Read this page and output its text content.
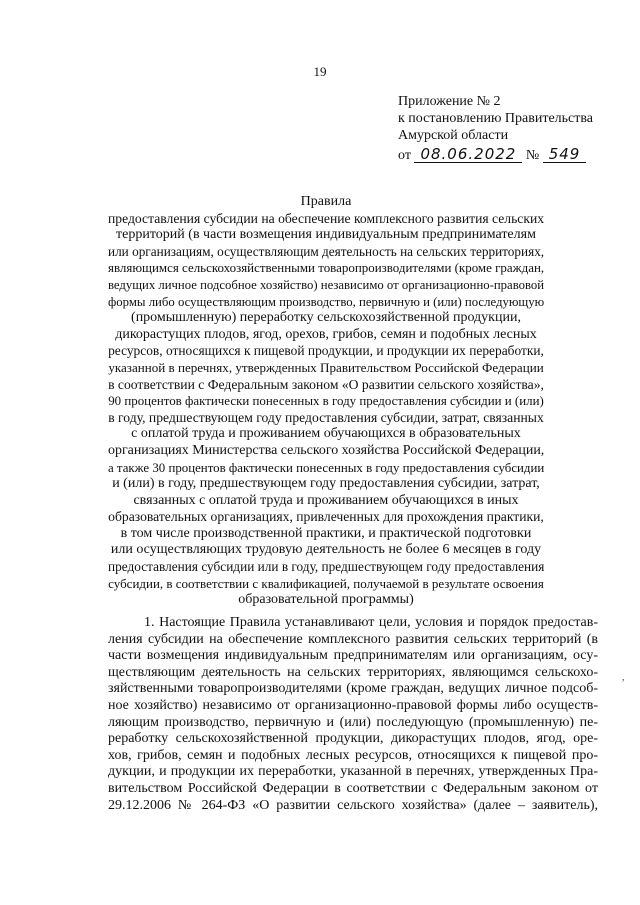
19
Приложение № 2
к постановлению Правительства
Амурской области
от 08.06.2022 № 549
Правила
предоставления субсидии на обеспечение комплексного развития сельских
территорий (в части возмещения индивидуальным предпринимателям
или организациям, осуществляющим деятельность на сельских территориях,
являющимся сельскохозяйственными товаропроизводителями (кроме граждан,
ведущих личное подсобное хозяйство) независимо от организационно-правовой
формы либо осуществляющим производство, первичную и (или) последующую
(промышленную) переработку сельскохозяйственной продукции,
дикорастущих плодов, ягод, орехов, грибов, семян и подобных лесных
ресурсов, относящихся к пищевой продукции, и продукции их переработки,
указанной в перечнях, утвержденных Правительством Российской Федерации
в соответствии с Федеральным законом «О развитии сельского хозяйства»,
90 процентов фактически понесенных в году предоставления субсидии и (или)
в году, предшествующем году предоставления субсидии, затрат, связанных
с оплатой труда и проживанием обучающихся в образовательных
организациях Министерства сельского хозяйства Российской Федерации,
а также 30 процентов фактически понесенных в году предоставления субсидии
и (или) в году, предшествующем году предоставления субсидии, затрат,
связанных с оплатой труда и проживанием обучающихся в иных
образовательных организациях, привлеченных для прохождения практики,
в том числе производственной практики, и практической подготовки
или осуществляющих трудовую деятельность не более 6 месяцев в году
предоставления субсидии или в году, предшествующем году предоставления
субсидии, в соответствии с квалификацией, получаемой в результате освоения
образовательной программы)
1. Настоящие Правила устанавливают цели, условия и порядок предостав-
ления субсидии на обеспечение комплексного развития сельских территорий (в
части возмещения индивидуальным предпринимателям или организациям, осу-
ществляющим деятельность на сельских территориях, являющимся сельскохо-
зяйственными товаропроизводителями (кроме граждан, ведущих личное подсоб-
ное хозяйство) независимо от организационно-правовой формы либо осуществ-
ляющим производство, первичную и (или) последующую (промышленную) пе-
реработку сельскохозяйственной продукции, дикорастущих плодов, ягод, оре-
хов, грибов, семян и подобных лесных ресурсов, относящихся к пищевой про-
дукции, и продукции их переработки, указанной в перечнях, утвержденных Пра-
вительством Российской Федерации в соответствии с Федеральным законом от
29.12.2006 № 264-ФЗ «О развитии сельского хозяйства» (далее – заявитель),
,
